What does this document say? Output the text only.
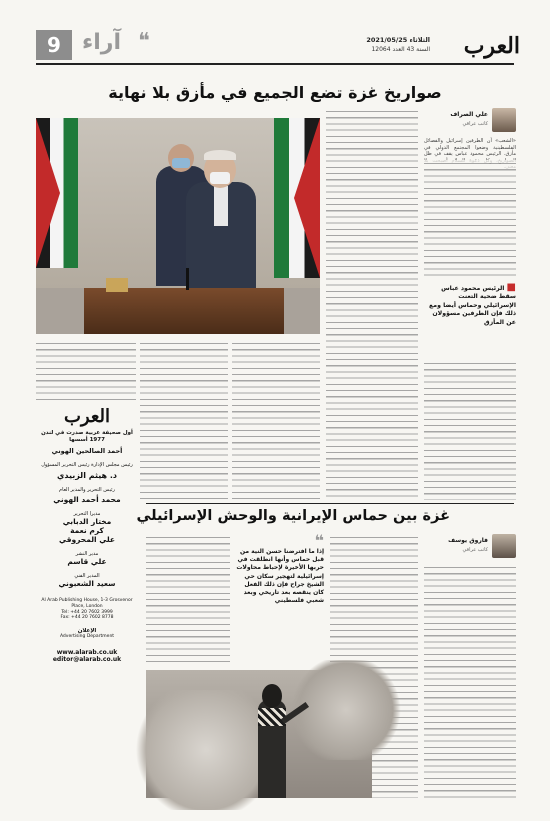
العرب
الثلاثاء 2021/05/25
السنة 43 العدد 12064
آراء ❝
9
صواريخ غزة تضع الجميع في مأزق بلا نهاية
علي الصراف
كاتب عراقي
«الشعب» أن الطرفين إسرائيل والفصائل الفلسطينية وضعوا المجتمع الدولي في مأزق. الرئيس محمود عباس يقف في ظل
■ الرئيس محمود عباس سقط ضحية التعنت الإسرائيلي وحماس أيضا ومع ذلك فإن الطرفين مسؤولان عن المأزق
العرب
أول صحيفة عربية صدرت في لندن 1977 أسسها
أحمد الصالحين الهوني
رئيس مجلس الإدارة رئيس التحرير المسؤول
د. هيثم الزبيدي
رئيس التحرير والمدير العام
محمد أحمد الهوني
مديرا التحرير
مختار الدبابي
كرم نعمة
علي المحروقي
مدير النشر
علي قاسم
المدير الفني
سعيد الشعبوني
Al Arab Publishing House, 1-3 Grosvenor Place, London
Tel: +44 20 7602 3999
Fax: +44 20 7602 8778
الإعلان
Advertising Department
www.alarab.co.uk
editor@alarab.co.uk
غزة بين حماس الإيرانية والوحش الإسرائيلي
فاروق يوسف
كاتب عراقي
❝
إذا ما افترضنا حسن النية من قبل حماس وأنها انطلقت في حربها الأخيرة لإحباط محاولات إسرائيلية لتهجير سكان حي الشيخ جراح فإن ذلك الفعل كان ينقصه بعد تاريخي وبعد شعبي فلسطيني
